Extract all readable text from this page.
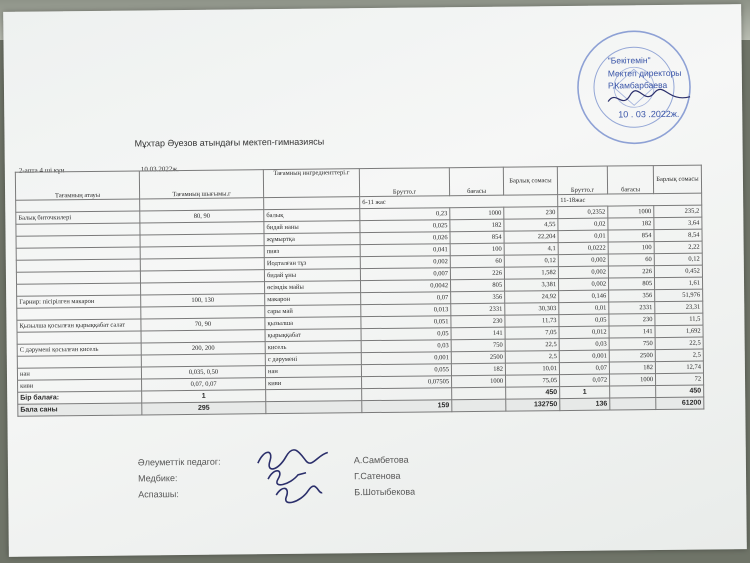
"Бекітемін"
Мектеп директоры
Р.Камбарбаева
10 . 03 .2022ж.
Мұхтар Әуезов атындағы мектеп-гимназиясы
2-апта 4 ші күн	10.03.2022ж.
Тағамның атауы	Тағамның шығымы.г	Тағамның ингредиенттері.г	Брутто.г	бағасы	Барлық сомасы	Брутто.г	бағасы	Барлық сомасы
			6-11 жас			11-18жас		
Балық биточкилері	80, 90	балық	0,23	1000	230	0,2352	1000	235,2
		бидай наны	0,025	182	4,55	0,02	182	3,64
		жұмыртқа	0,026	854	22,204	0,01	854	8,54
		пияз	0,041	100	4,1	0,0222	100	2,22
		Иодталған тұз	0,002	60	0,12	0,002	60	0,12
		бидай ұны	0,007	226	1,582	0,002	226	0,452
		өсімдік майы	0,0042	805	3,381	0,002	805	1,61
Гарнир: пісірілген макарон	100, 130	макарон	0,07	356	24,92	0,146	356	51,976
		сары май	0,013	2331	30,303	0,01	2331	23,31
Қызылша қосылған қырыққабат салат	70, 90	қызылша	0,051	230	11,73	0,05	230	11,5
		қырыққабат	0,05	141	7,05	0,012	141	1,692
С дәрумені қосылған кисель	200, 200	кисель	0,03	750	22,5	0,03	750	22,5
		с дәрумені	0,001	2500	2,5	0,001	2500	2,5
нан	0,035, 0,50	нан	0,055	182	10,01	0,07	182	12,74
киви	0,07, 0,07	киви	0,07505	1000	75,05	0,072	1000	72
Бір балаға:	1				450	1		450
Бала саны	295		159		132750	136		61200
Әлеуметтік педагог:	А.Самбетова
Медбике:	Г.Сатенова
Аспазшы:	Б.Шотыбекова
